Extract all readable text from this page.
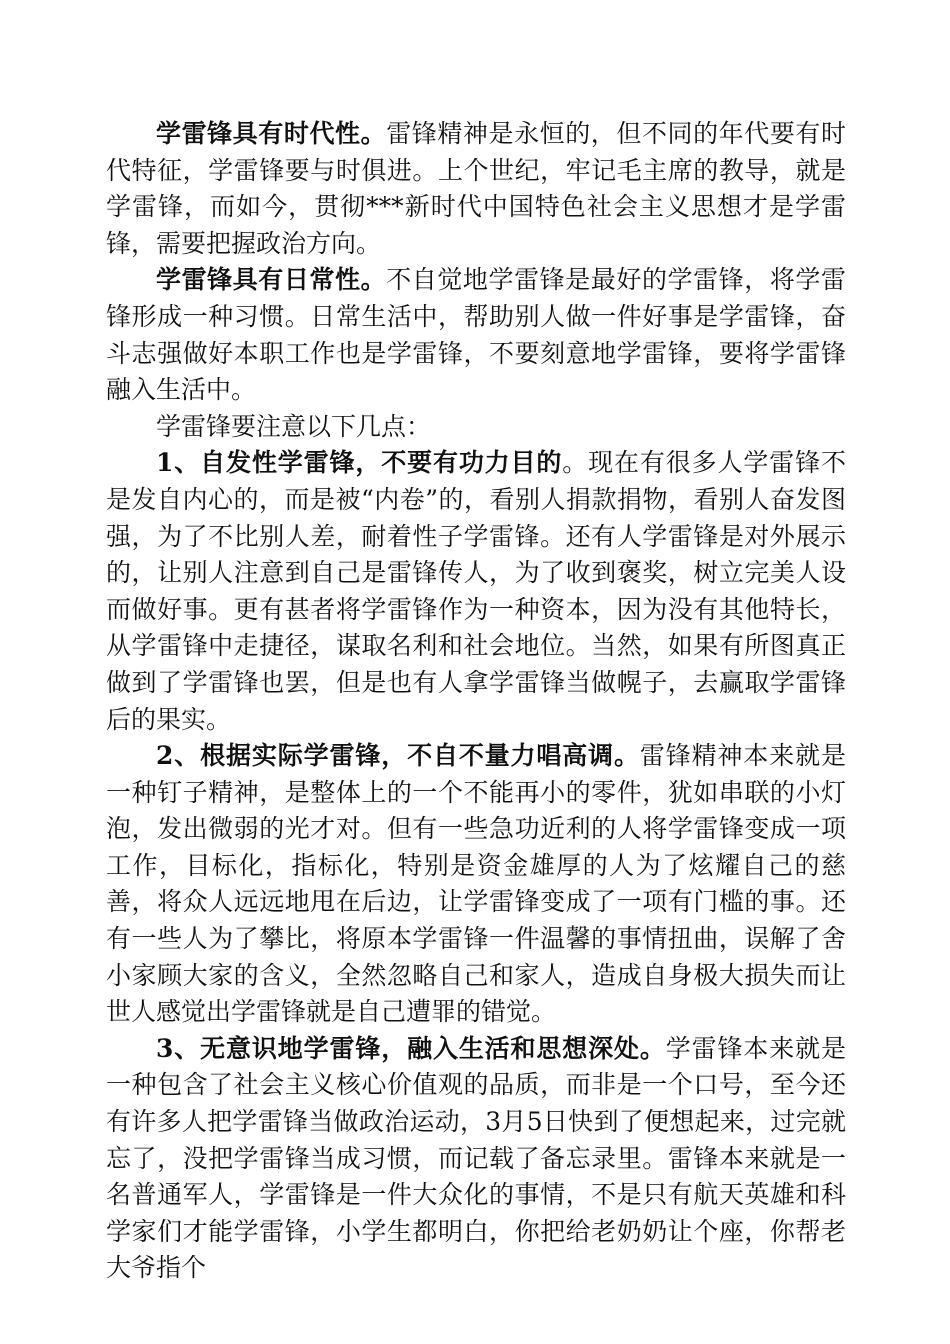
学雷锋具有时代性。雷锋精神是永恒的，但不同的年代要有时代特征，学雷锋要与时俱进。上个世纪，牢记毛主席的教导，就是学雷锋，而如今，贯彻***新时代中国特色社会主义思想才是学雷锋，需要把握政治方向。

学雷锋具有日常性。不自觉地学雷锋是最好的学雷锋，将学雷锋形成一种习惯。日常生活中，帮助别人做一件好事是学雷锋，奋斗志强做好本职工作也是学雷锋，不要刻意地学雷锋，要将学雷锋融入生活中。

学雷锋要注意以下几点：

1、自发性学雷锋，不要有功力目的。现在有很多人学雷锋不是发自内心的，而是被“内卷”的，看别人捐款捐物，看别人奋发图强，为了不比别人差，耐着性子学雷锋。还有人学雷锋是对外展示的，让别人注意到自己是雷锋传人，为了收到褒奖，树立完美人设而做好事。更有甚者将学雷锋作为一种资本，因为没有其他特长，从学雷锋中走捷径，谋取名利和社会地位。当然，如果有所图真正做到了学雷锋也罢，但是也有人拿学雷锋当做幌子，去赢取学雷锋后的果实。

2、根据实际学雷锋，不自不量力唱高调。雷锋精神本来就是一种钉子精神，是整体上的一个不能再小的零件，犹如串联的小灯泡，发出微弱的光才对。但有一些急功近利的人将学雷锋变成一项工作，目标化，指标化，特别是资金雄厚的人为了炫耀自己的慈善，将众人远远地甩在后边，让学雷锋变成了一项有门槛的事。还有一些人为了攀比，将原本学雷锋一件温馨的事情扭曲，误解了舍小家顾大家的含义，全然忽略自己和家人，造成自身极大损失而让世人感觉出学雷锋就是自己遭罪的错觉。

3、无意识地学雷锋，融入生活和思想深处。学雷锋本来就是一种包含了社会主义核心价值观的品质，而非是一个口号，至今还有许多人把学雷锋当做政治运动，3月5日快到了便想起来，过完就忘了，没把学雷锋当成习惯，而记载了备忘录里。雷锋本来就是一名普通军人，学雷锋是一件大众化的事情，不是只有航天英雄和科学家们才能学雷锋，小学生都明白，你把给老奶奶让个座，你帮老大爷指个
